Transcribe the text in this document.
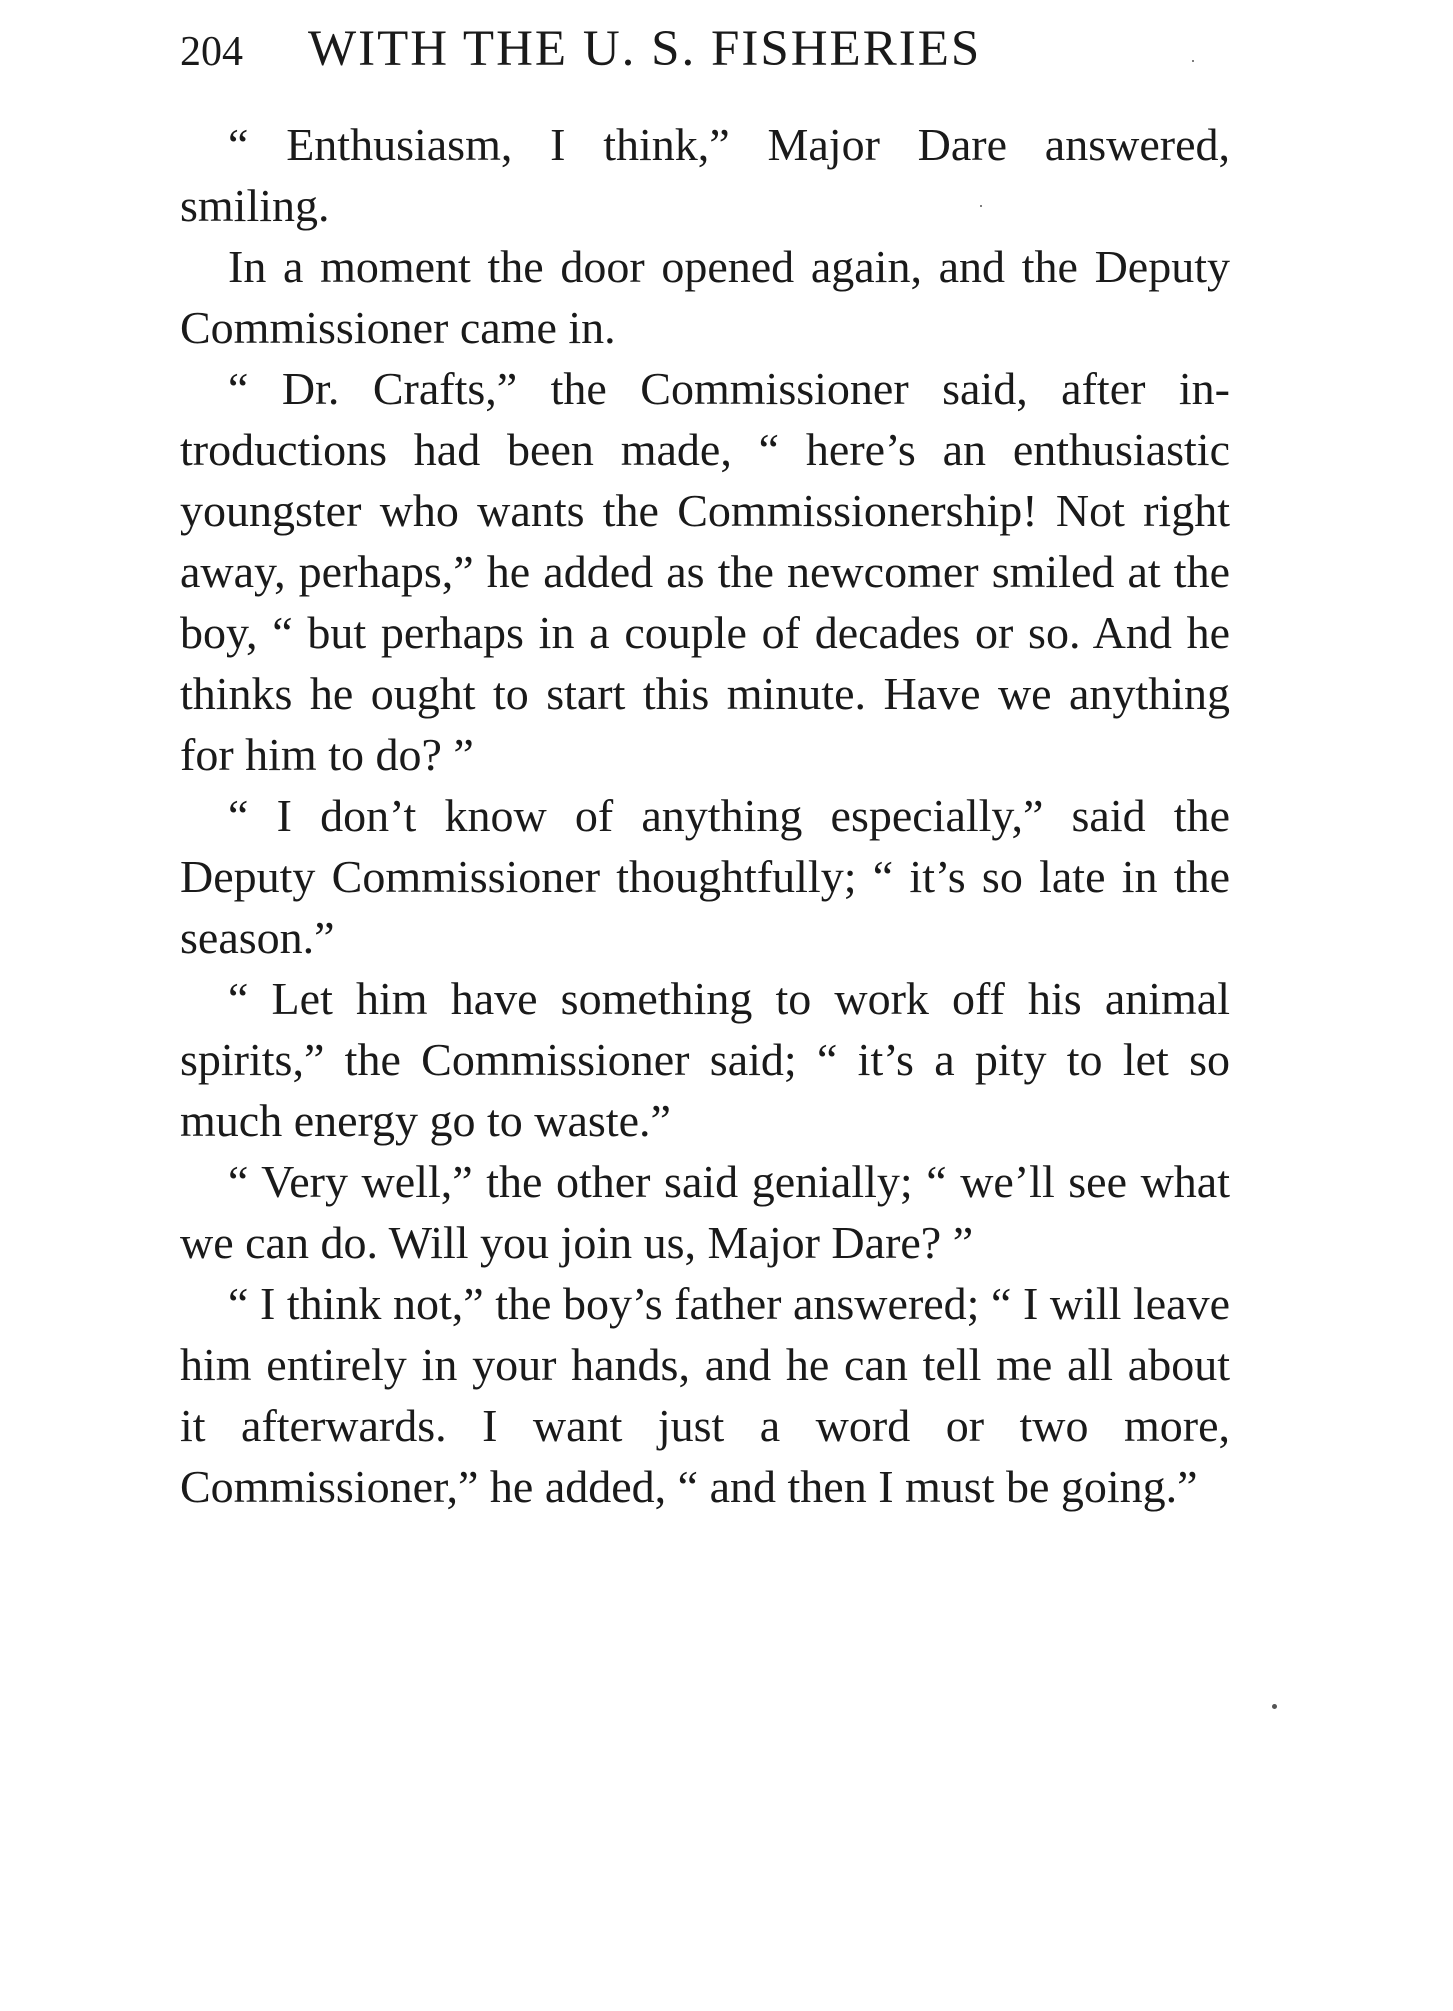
204	WITH THE U. S. FISHERIES

“ Enthusiasm, I think,” Major Dare answered, smiling.

In a moment the door opened again, and the Deputy Commissioner came in.

“ Dr. Crafts,” the Commissioner said, after introductions had been made, “ here’s an enthusiastic youngster who wants the Commissionership! Not right away, perhaps,” he added as the newcomer smiled at the boy, “ but perhaps in a couple of decades or so. And he thinks he ought to start this minute. Have we anything for him to do? ”

“ I don’t know of anything especially,” said the Deputy Commissioner thoughtfully; “ it’s so late in the season.”

“ Let him have something to work off his animal spirits,” the Commissioner said; “ it’s a pity to let so much energy go to waste.”

“ Very well,” the other said genially; “ we’ll see what we can do. Will you join us, Major Dare? ”

“ I think not,” the boy’s father answered; “ I will leave him entirely in your hands, and he can tell me all about it afterwards. I want just a word or two more, Commissioner,” he added, “ and then I must be going.”
